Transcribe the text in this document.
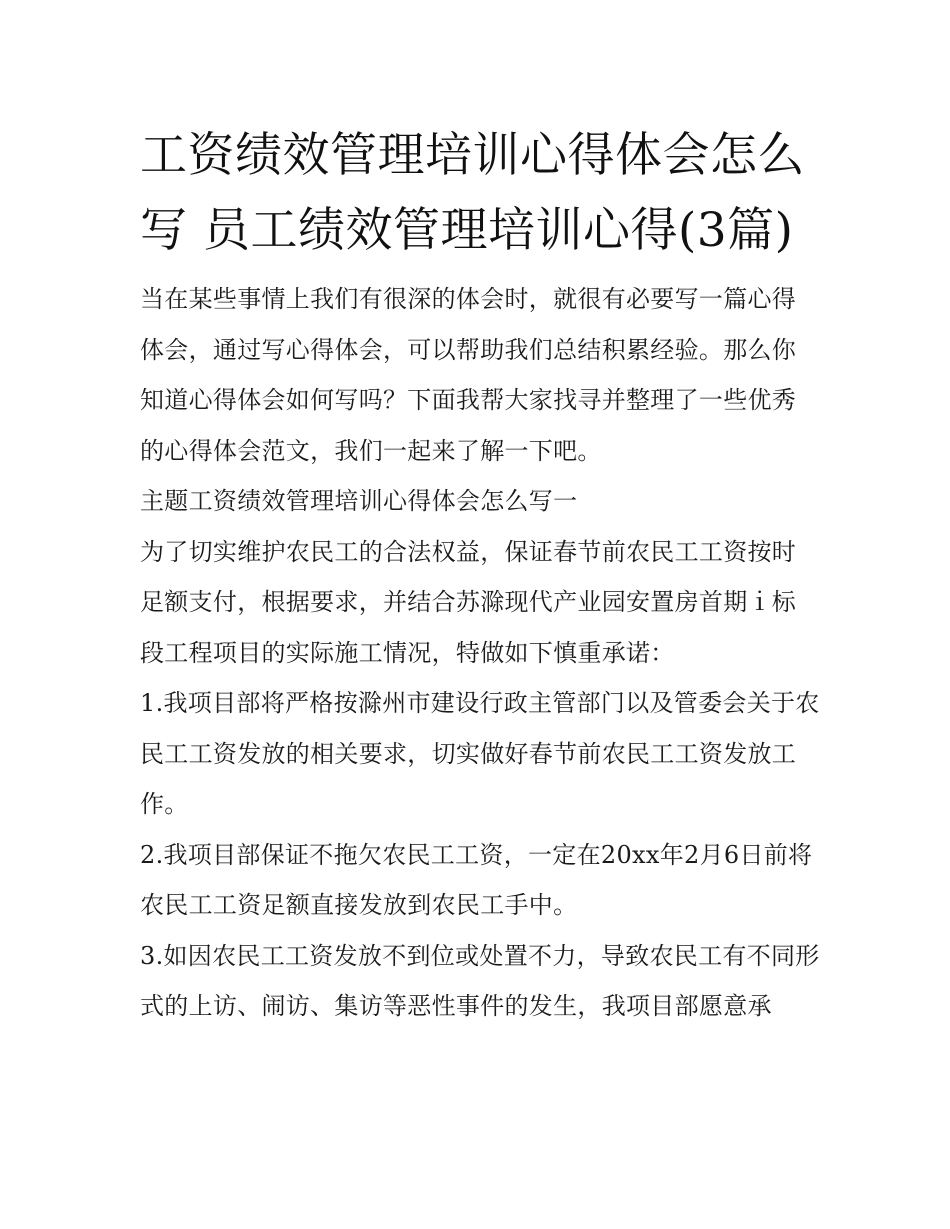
工资绩效管理培训心得体会怎么写 员工绩效管理培训心得(3篇)

当在某些事情上我们有很深的体会时，就很有必要写一篇心得体会，通过写心得体会，可以帮助我们总结积累经验。那么你知道心得体会如何写吗？下面我帮大家找寻并整理了一些优秀的心得体会范文，我们一起来了解一下吧。

主题工资绩效管理培训心得体会怎么写一

为了切实维护农民工的合法权益，保证春节前农民工工资按时足额支付，根据要求，并结合苏滁现代产业园安置房首期ｉ标段工程项目的实际施工情况，特做如下慎重承诺：

1.我项目部将严格按滁州市建设行政主管部门以及管委会关于农民工工资发放的相关要求，切实做好春节前农民工工资发放工作。

2.我项目部保证不拖欠农民工工资，一定在20xx年2月6日前将农民工工资足额直接发放到农民工手中。

3.如因农民工工资发放不到位或处置不力，导致农民工有不同形式的上访、闹访、集访等恶性事件的发生，我项目部愿意承
